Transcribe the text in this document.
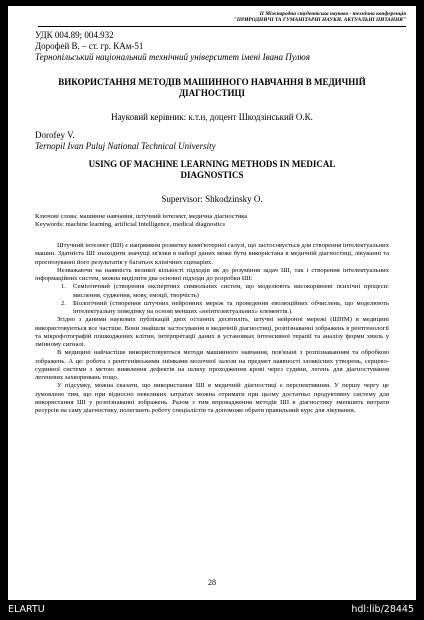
ІІ Міжнародна студентська науково - технічна конференція
"ПРИРОДНИЧІ ТА ГУМАНІТАРНІ НАУКИ. АКТУАЛЬНІ ПИТАННЯ"
УДК 004.89; 004.932
Дорофей В. – ст. гр. КАм-51
Тернопільський національний технічний університет імені Івана Пулюя
ВИКОРИСТАННЯ МЕТОДІВ МАШИННОГО НАВЧАННЯ В МЕДИЧНІЙ ДІАГНОСТИЦІ
Науковий керівник: к.т.н, доцент Шкодзінський О.К.
Dorofey V.
Ternopil Ivan Puluj National Technical University
USING OF MACHINE LEARNING METHODS IN MEDICAL DIAGNOSTICS
Supervisor: Shkodzinsky O.
Ключові слова: машинне навчання, штучний інтелект, медична діагностика
Keywords: machine learning, artificial Intelligence, medical diagnostics

Штучний інтелект (ШІ) є напрямком розвитку комп'ютерної галузі, що застосовується для створення інтелектуальних машин. Здатність ШІ знаходити значущі зв'язки в наборі даних може бути використана в медичній діагностиці, лікуванні та прогнозуванні його результатів у багатьох клінічних сценаріях.

Незважаючи на наявність великої кількості підходів як до розуміння задач ШІ, так і створення інтелектуальних інформаційних систем, можна виділити два основні підходи до розробки ШІ:

1. Семіотичний (створення експертних символьних систем, що моделюють високорівневі психічні процеси: мислення, судження, мову, емоції, творчість)
2. Біологічний (створення штучних нейронних мереж та проведення еволюційних обчислень, що моделюють інтелектуальну поведінку на основі менших «неінтелектуальних» елементів.).

Згідно з даними наукових публікацій двох останніх десятиліть, штучні нейронні мережі (ШНМ) в медицині використовуються все частіше. Вони знайшли застосування в медичній діагностиці, розпізнаванні зображень в рентгенології та мікрофотографій пошкоджених клітин, інтерпретації даних в установках інтенсивної терапії та аналізу форми хвиль у змінному сигналі.

В медицині найчастіше використовуються методи машинного навчання, пов'язані з розпізнаванням та обробкою зображень. А це: робота з рентгенівськими знімками молочної залози на предмет наявності злоякісних утворень, серцево-судинної системи з метою виявлення дефектів на шляху проходження крові через судини, легень для діагностування легеневих захворювань тощо.

У підсумку, можна сказати, що використання ШІ в медичній діагностиці є перспективним. У першу чергу це зумовлено тим, що при відносно невеликих затратах можна отримати при цьому достатньо продуктивну систему для використання ШІ у розпізнаванні зображень. Разом з тим впровадження методів ШІ в діагностику зменшить витрати ресурсів на саму діагностику, полегшить роботу спеціалістів та допоможе обрати правильний курс для лікування.

28
ELARTU	hdl:lib/28445
